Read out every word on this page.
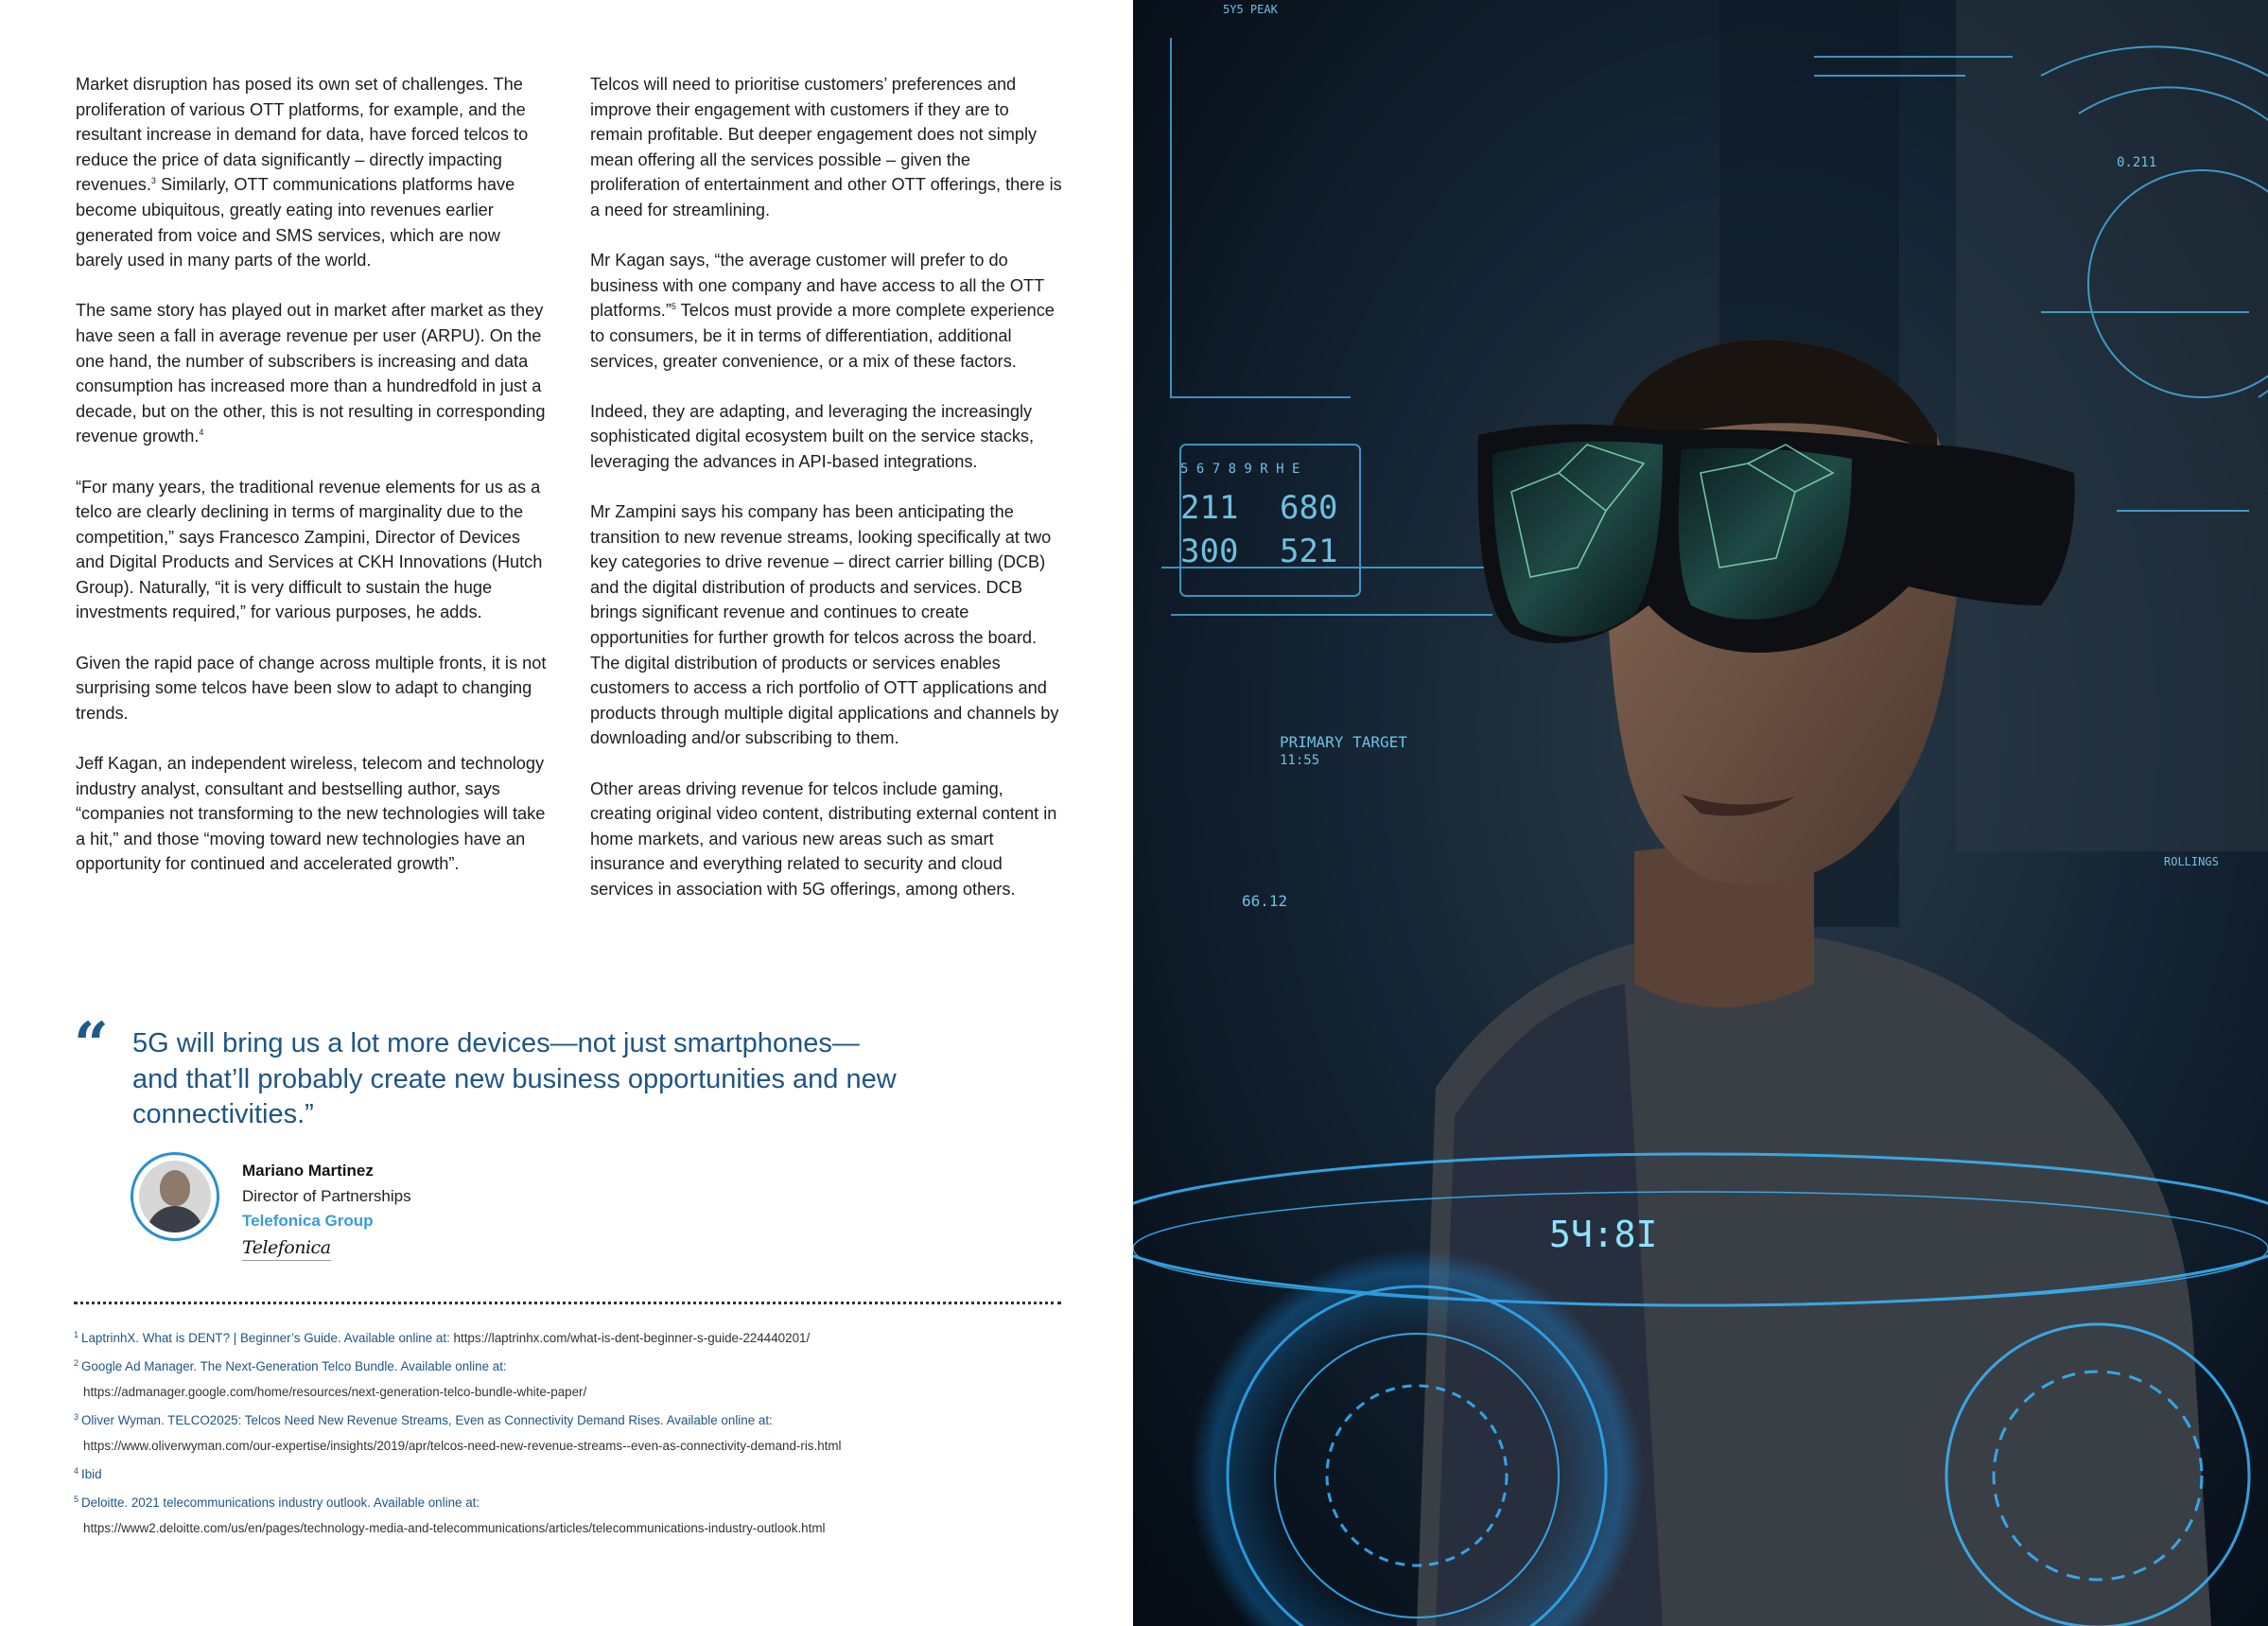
Market disruption has posed its own set of challenges. The proliferation of various OTT platforms, for example, and the resultant increase in demand for data, have forced telcos to reduce the price of data significantly – directly impacting revenues.$^3$ Similarly, OTT communications platforms have become ubiquitous, greatly eating into revenues earlier generated from voice and SMS services, which are now barely used in many parts of the world.

The same story has played out in market after market as they have seen a fall in average revenue per user (ARPU). On the one hand, the number of subscribers is increasing and data consumption has increased more than a hundredfold in just a decade, but on the other, this is not resulting in corresponding revenue growth.$^4$

“For many years, the traditional revenue elements for us as a telco are clearly declining in terms of marginality due to the competition,” says Francesco Zampini, Director of Devices and Digital Products and Services at CKH Innovations (Hutch Group). Naturally, “it is very difficult to sustain the huge investments required,” for various purposes, he adds.

Given the rapid pace of change across multiple fronts, it is not surprising some telcos have been slow to adapt to changing trends.

Jeff Kagan, an independent wireless, telecom and technology industry analyst, consultant and bestselling author, says “companies not transforming to the new technologies will take a hit,” and those “moving toward new technologies have an opportunity for continued and accelerated growth”.

Telcos will need to prioritise customers’ preferences and improve their engagement with customers if they are to remain profitable. But deeper engagement does not simply mean offering all the services possible – given the proliferation of entertainment and other OTT offerings, there is a need for streamlining.

Mr Kagan says, “the average customer will prefer to do business with one company and have access to all the OTT platforms.”$^5$ Telcos must provide a more complete experience to consumers, be it in terms of differentiation, additional services, greater convenience, or a mix of these factors.

Indeed, they are adapting, and leveraging the increasingly sophisticated digital ecosystem built on the service stacks, leveraging the advances in API-based integrations.

Mr Zampini says his company has been anticipating the transition to new revenue streams, looking specifically at two key categories to drive revenue – direct carrier billing (DCB) and the digital distribution of products and services. DCB brings significant revenue and continues to create opportunities for further growth for telcos across the board. The digital distribution of products or services enables customers to access a rich portfolio of OTT applications and products through multiple digital applications and channels by downloading and/or subscribing to them.

Other areas driving revenue for telcos include gaming, creating original video content, distributing external content in home markets, and various new areas such as smart insurance and everything related to security and cloud services in association with 5G offerings, among others.

“ 5G will bring us a lot more devices—not just smartphones— and that’ll probably create new business opportunities and new connectivities.”
Mariano Martinez
Director of Partnerships
Telefonica Group
Telefonica
$^1$ LaptrinhX. What is DENT? | Beginner’s Guide. Available online at: https://laptrinhx.com/what-is-dent-beginner-s-guide-224440201/
$^2$ Google Ad Manager. The Next-Generation Telco Bundle. Available online at:
https://admanager.google.com/home/resources/next-generation-telco-bundle-white-paper/
$^3$ Oliver Wyman. TELCO2025: Telcos Need New Revenue Streams, Even as Connectivity Demand Rises. Available online at:
https://www.oliverwyman.com/our-expertise/insights/2019/apr/telcos-need-new-revenue-streams--even-as-connectivity-demand-ris.html
$^4$ Ibid
$^5$ Deloitte. 2021 telecommunications industry outlook. Available online at:
https://www2.deloitte.com/us/en/pages/technology-media-and-telecommunications/articles/telecommunications-industry-outlook.html
5 6 7 8 9 R H E
211 680
300 521
PRIMARY TARGET
11:55
5Y5 PEAK
0.211
66.12
ROLLINGS
5Ч:8I
